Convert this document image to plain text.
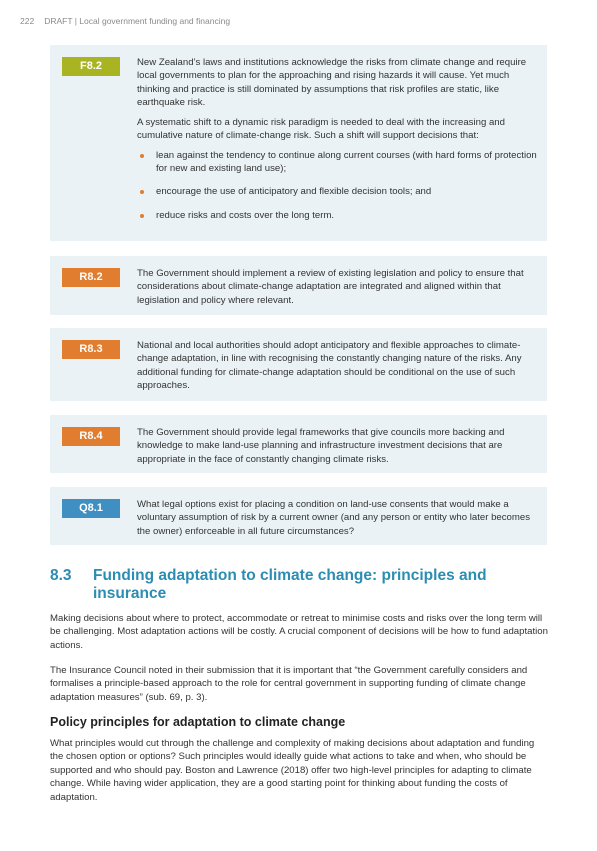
222 DRAFT | Local government funding and financing
F8.2	New Zealand’s laws and institutions acknowledge the risks from climate change and require local governments to plan for the approaching and rising hazards it will cause. Yet much thinking and practice is still dominated by assumptions that risk profiles are static, like earthquake risk.

A systematic shift to a dynamic risk paradigm is needed to deal with the increasing and cumulative nature of climate-change risk. Such a shift will support decisions that:

lean against the tendency to continue along current courses (with hard forms of protection for new and existing land use);
encourage the use of anticipatory and flexible decision tools; and
reduce risks and costs over the long term.
R8.2	The Government should implement a review of existing legislation and policy to ensure that considerations about climate-change adaptation are integrated and aligned within that legislation and policy where relevant.

R8.3	National and local authorities should adopt anticipatory and flexible approaches to climate-change adaptation, in line with recognising the constantly changing nature of the risks. Any additional funding for climate-change adaptation should be conditional on the use of such approaches.

R8.4	The Government should provide legal frameworks that give councils more backing and knowledge to make land-use planning and infrastructure investment decisions that are appropriate in the face of constantly changing climate risks.

Q8.1	What legal options exist for placing a condition on land-use consents that would make a voluntary assumption of risk by a current owner (and any person or entity who later becomes the owner) enforceable in all future circumstances?

8.3 Funding adaptation to climate change: principles and insurance

Making decisions about where to protect, accommodate or retreat to minimise costs and risks over the long term will be challenging. Most adaptation actions will be costly. A crucial component of decisions will be how to fund adaptation actions.

The Insurance Council noted in their submission that it is important that “the Government carefully considers and formalises a principle-based approach to the role for central government in supporting funding of climate change adaptation measures” (sub. 69, p. 3).

Policy principles for adaptation to climate change

What principles would cut through the challenge and complexity of making decisions about adaptation and funding the chosen option or options? Such principles would ideally guide what actions to take and when, who should be supported and who should pay. Boston and Lawrence (2018) offer two high-level principles for adapting to climate change. While having wider application, they are a good starting point for thinking about funding the costs of adaptation.
